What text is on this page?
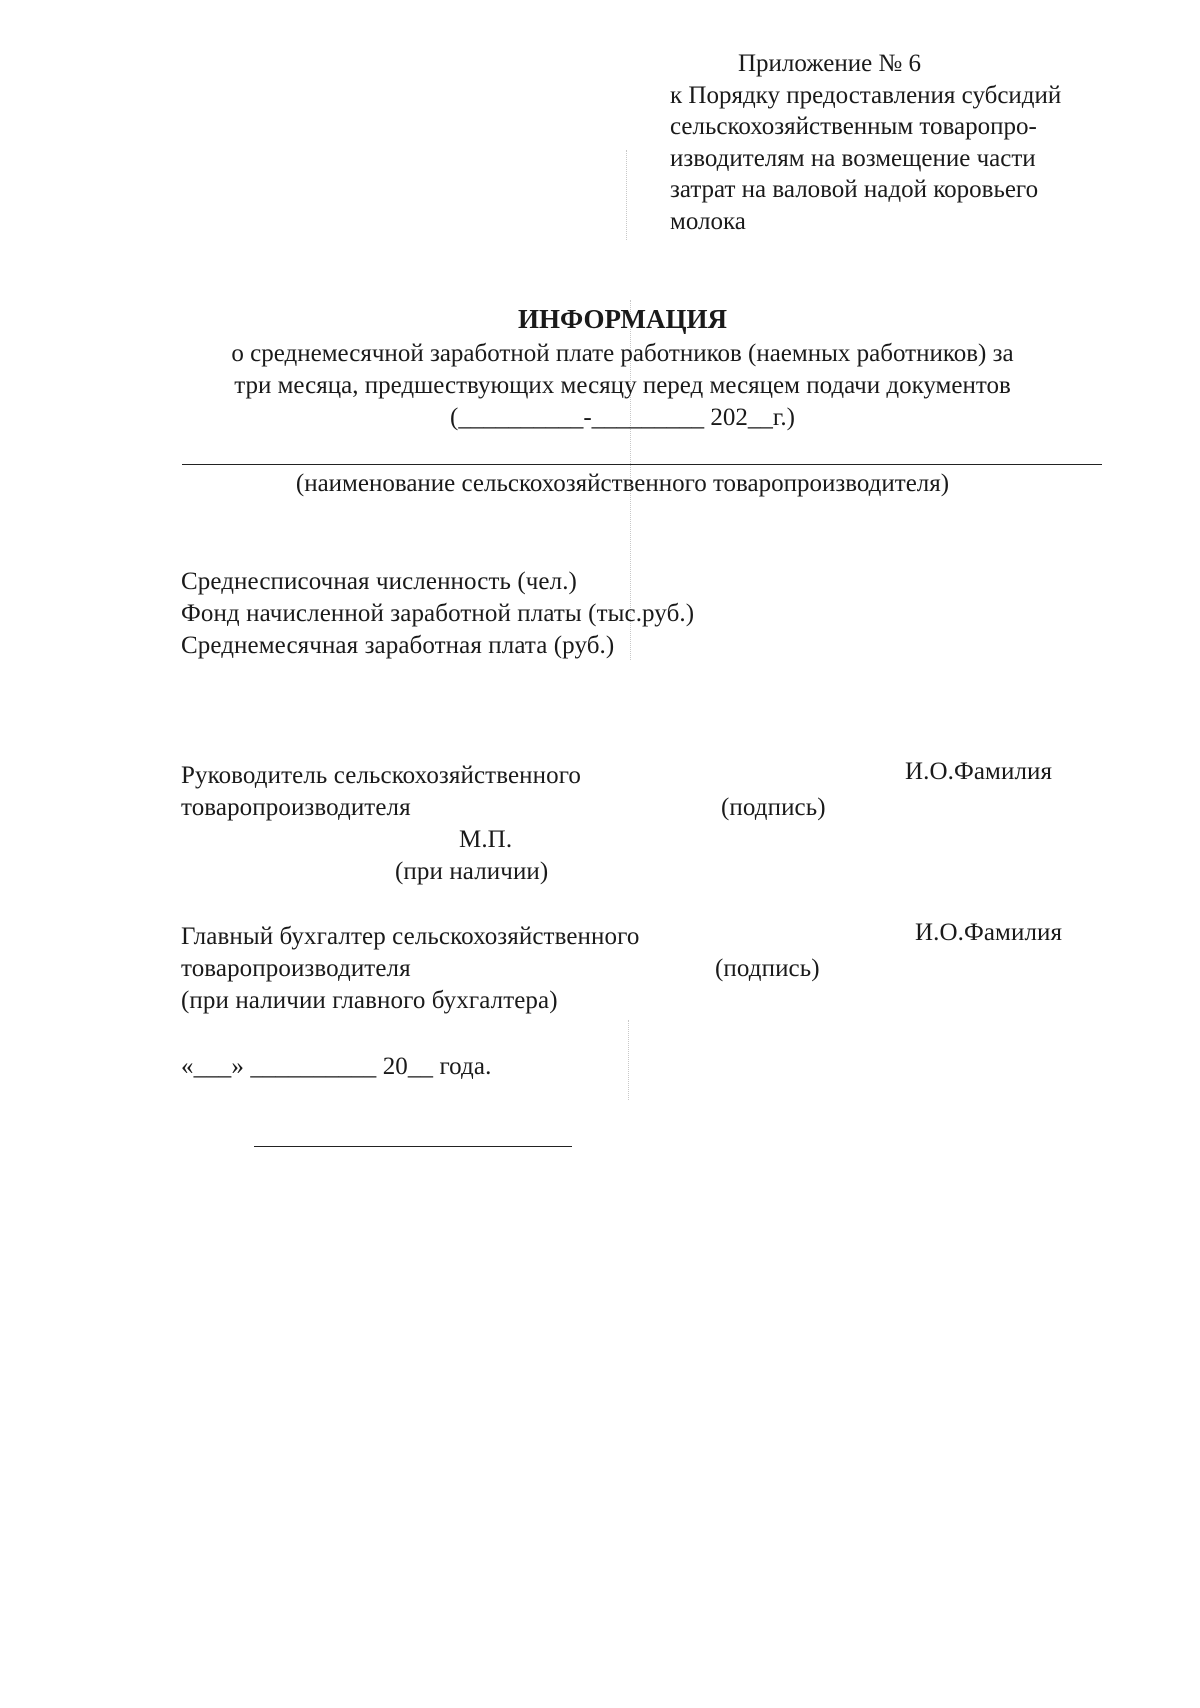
Приложение № 6
к Порядку предоставления субсидий
сельскохозяйственным товаропро-
изводителям на возмещение части
затрат на валовой надой коровьего
молока
ИНФОРМАЦИЯ
о среднемесячной заработной плате работников (наемных работников) за
три месяца, предшествующих месяцу перед месяцем подачи документов
(__________-_________ 202__г.)
(наименование сельскохозяйственного товаропроизводителя)
Среднесписочная численность (чел.)
Фонд начисленной заработной платы (тыс.руб.)
Среднемесячная заработная плата (руб.)
Руководитель сельскохозяйственного
товаропроизводителя	(подпись)
И.О.Фамилия
М.П.
(при наличии)
Главный бухгалтер сельскохозяйственного
товаропроизводителя
(при наличии главного бухгалтера)
(подпись)
И.О.Фамилия
«___» __________ 20__ года.
